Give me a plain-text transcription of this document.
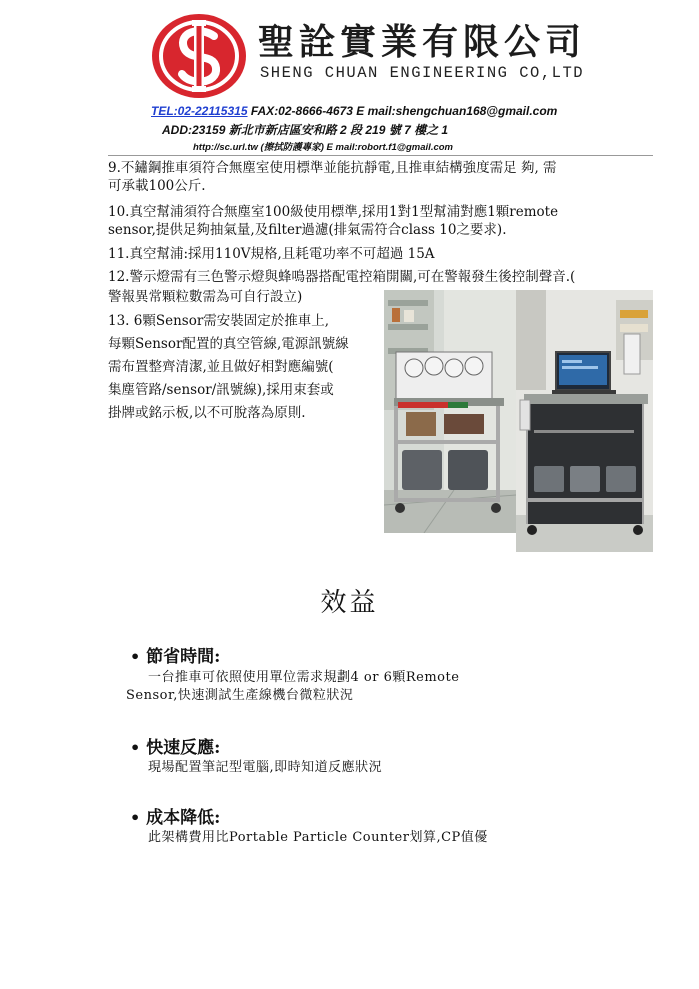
聖詮實業有限公司
SHENG CHUAN ENGINEERING CO,LTD
TEL:02-22115315 FAX:02-8666-4673 E mail:shengchuan168@gmail.com
ADD:23159 新北市新店區安和路 2 段 219 號 7 樓之 1
http://sc.url.tw (擦拭防護專家) E mail:robort.f1@gmail.com
9.不鏽鋼推車須符合無塵室使用標準並能抗靜電,且推車結構強度需足 夠, 需
可承載100公斤.
10.真空幫浦須符合無塵室100級使用標準,採用1對1型幫浦對應1顆remote
sensor,提供足夠抽氣量,及filter過濾(排氣需符合class 10之要求).
11.真空幫浦:採用110V規格,且耗電功率不可超過 15A
12.警示燈需有三色警示燈與蜂鳴器搭配電控箱開關,可在警報發生後控制聲音.(
警報異常顆粒數需為可自行設立)
13. 6顆Sensor需安裝固定於推車上,
每顆Sensor配置的真空管線,電源訊號線
需布置整齊清潔,並且做好相對應編號(
集塵管路/sensor/訊號線),採用束套或
掛牌或銘示板,以不可脫落為原則.
效益
• 節省時間:
一台推車可依照使用單位需求規劃4 or 6顆Remote
Sensor,快速測試生產線機台微粒狀況
• 快速反應:
現場配置筆記型電腦,即時知道反應狀況
• 成本降低:
此架構費用比Portable Particle Counter划算,CP值優
